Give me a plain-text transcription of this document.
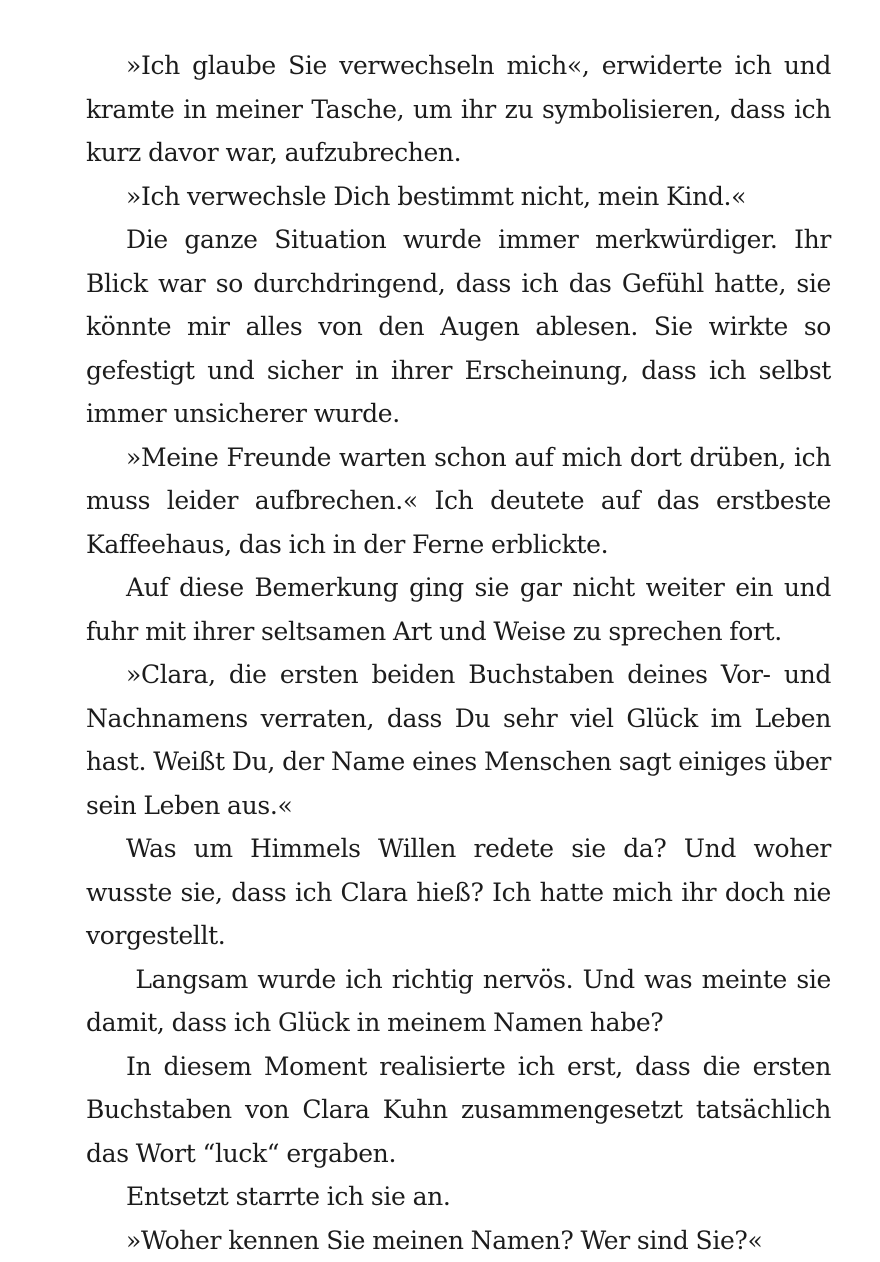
»Ich glaube Sie verwechseln mich«, erwiderte ich und kramte in meiner Tasche, um ihr zu symbolisieren, dass ich kurz davor war, aufzubrechen.

»Ich verwechsle Dich bestimmt nicht, mein Kind.«

Die ganze Situation wurde immer merkwürdiger. Ihr Blick war so durchdringend, dass ich das Gefühl hatte, sie könnte mir alles von den Augen ablesen. Sie wirkte so gefestigt und sicher in ihrer Erscheinung, dass ich selbst immer unsicherer wurde.

»Meine Freunde warten schon auf mich dort drüben, ich muss leider aufbrechen.« Ich deutete auf das erstbeste Kaffeehaus, das ich in der Ferne erblickte.

Auf diese Bemerkung ging sie gar nicht weiter ein und fuhr mit ihrer seltsamen Art und Weise zu sprechen fort.

»Clara, die ersten beiden Buchstaben deines Vor- und Nachnamens verraten, dass Du sehr viel Glück im Leben hast. Weißt Du, der Name eines Menschen sagt einiges über sein Leben aus.«

Was um Himmels Willen redete sie da? Und woher wusste sie, dass ich Clara hieß? Ich hatte mich ihr doch nie vorgestellt.

Langsam wurde ich richtig nervös. Und was meinte sie damit, dass ich Glück in meinem Namen habe?

In diesem Moment realisierte ich erst, dass die ersten Buchstaben von Clara Kuhn zusammengesetzt tatsächlich das Wort “luck“ ergaben.

Entsetzt starrte ich sie an.

»Woher kennen Sie meinen Namen? Wer sind Sie?«
